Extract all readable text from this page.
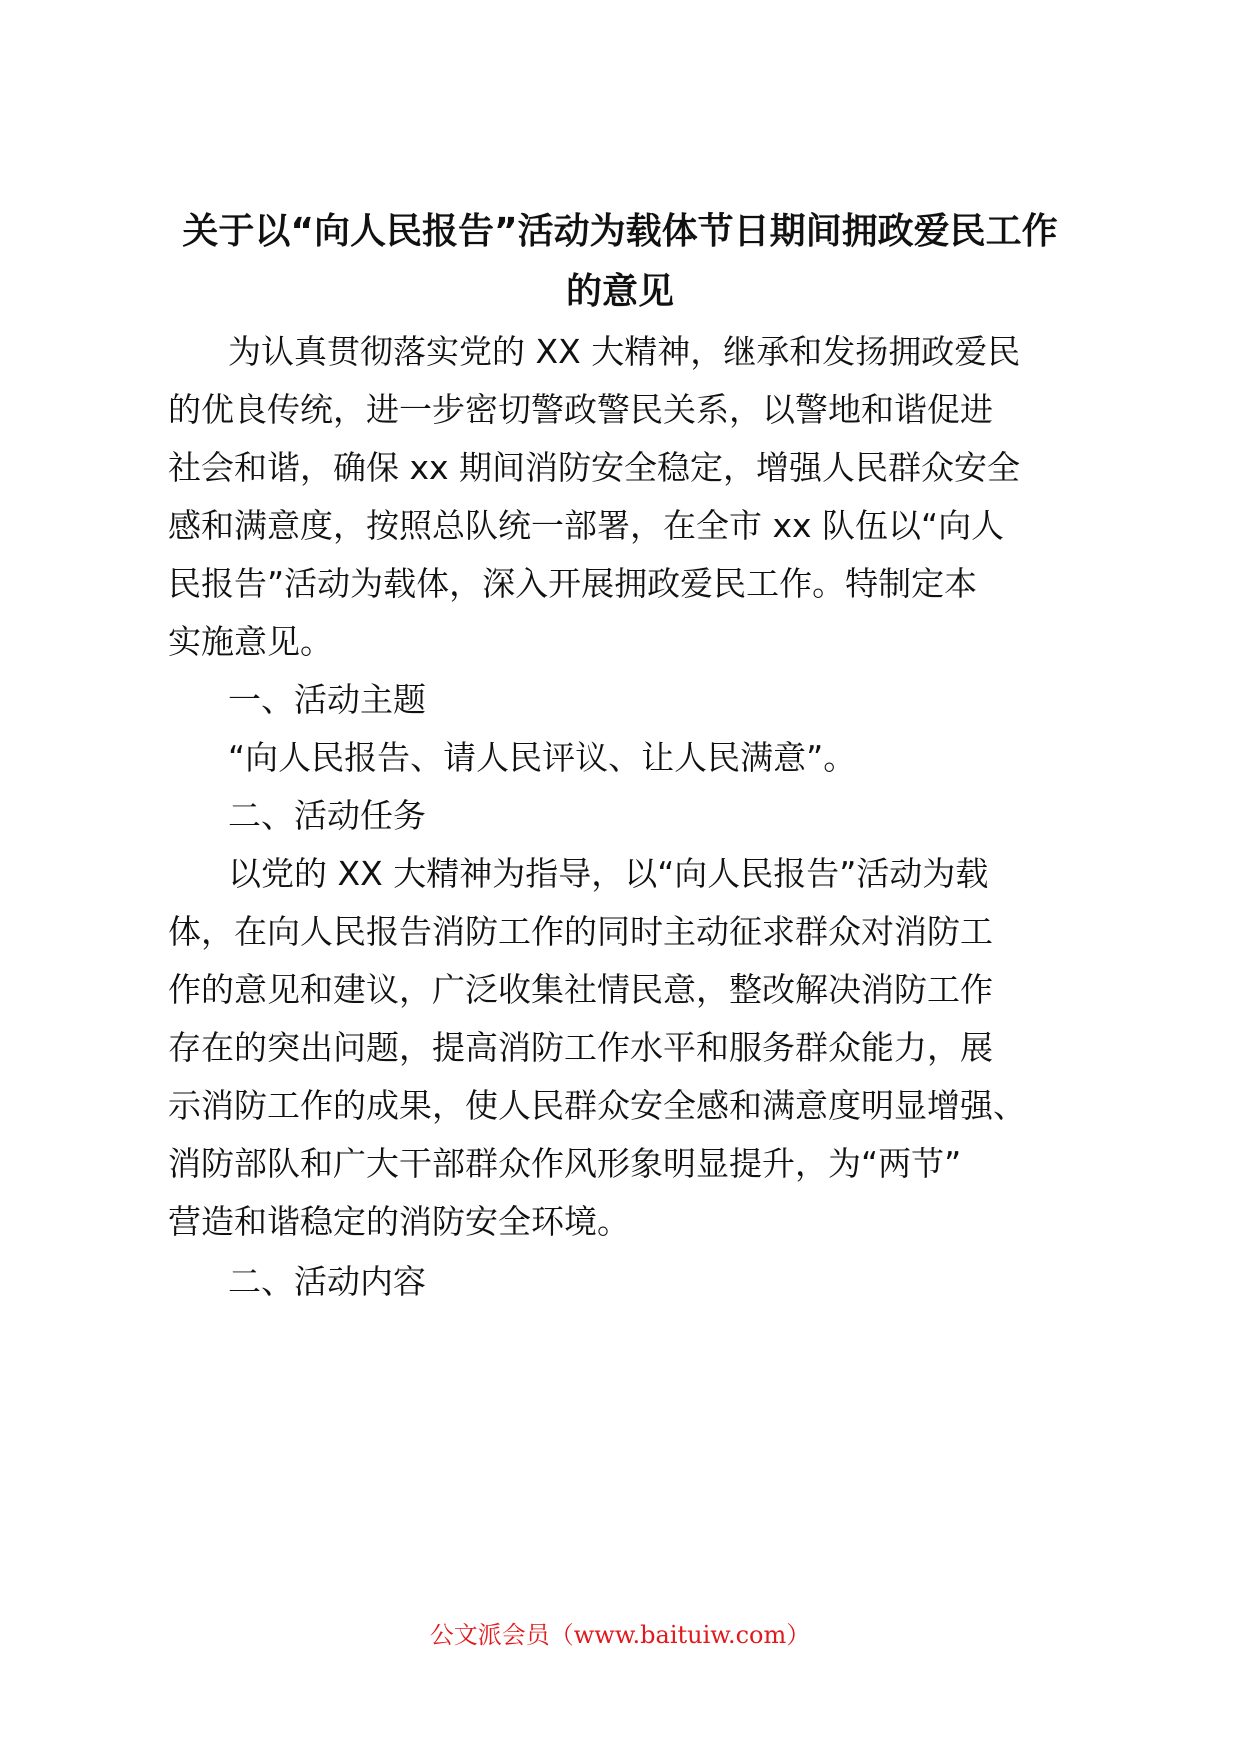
关于以“向人民报告”活动为载体节日期间拥政爱民工作
的意见
为认真贯彻落实党的 XX 大精神，继承和发扬拥政爱民
的优良传统，进一步密切警政警民关系，以警地和谐促进
社会和谐，确保 xx 期间消防安全稳定，增强人民群众安全
感和满意度，按照总队统一部署，在全市 xx 队伍以“向人
民报告”活动为载体，深入开展拥政爱民工作。特制定本
实施意见。
一、活动主题
“向人民报告、请人民评议、让人民满意”。
二、活动任务
以党的 XX 大精神为指导，以“向人民报告”活动为载
体，在向人民报告消防工作的同时主动征求群众对消防工
作的意见和建议，广泛收集社情民意，整改解决消防工作
存在的突出问题，提高消防工作水平和服务群众能力，展
示消防工作的成果，使人民群众安全感和满意度明显增强、
消防部队和广大干部群众作风形象明显提升，为“两节”
营造和谐稳定的消防安全环境。
二、活动内容
公文派会员（www.baituiw.com）
